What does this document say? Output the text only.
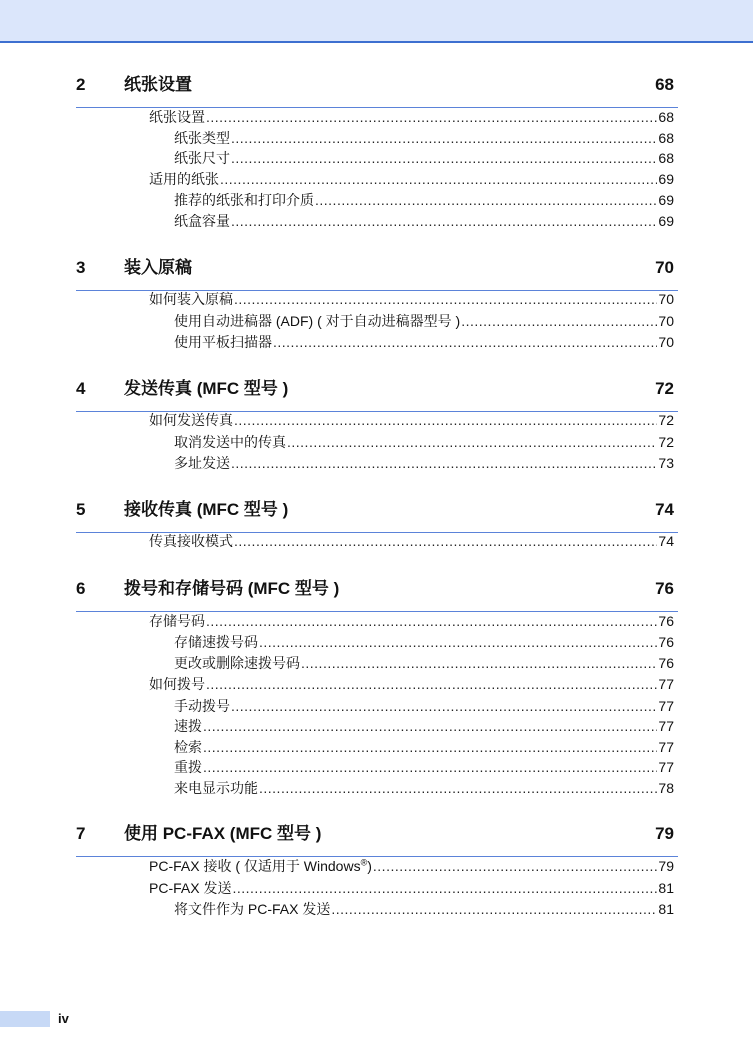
2 纸张设置	68
纸张设置 .....	68
纸张类型 .....	68
纸张尺寸 .....	68
适用的纸张 .....	69
推荐的纸张和打印介质 .....	69
纸盒容量 .....	69
3 装入原稿	70
如何装入原稿 .....	70
使用自动进稿器 (ADF) ( 对于自动进稿器型号 ) .....	70
使用平板扫描器 .....	70
4 发送传真 (MFC 型号 )	72
如何发送传真 .....	72
取消发送中的传真 .....	72
多址发送 .....	73
5 接收传真 (MFC 型号 )	74
传真接收模式 .....	74
6 拨号和存储号码 (MFC 型号 )	76
存储号码 .....	76
存储速拨号码 .....	76
更改或删除速拨号码 .....	76
如何拨号 .....	77
手动拨号 .....	77
速拨 .....	77
检索 .....	77
重拨 .....	77
来电显示功能 .....	78
7 使用 PC-FAX (MFC 型号 )	79
PC-FAX 接收 ( 仅适用于 Windows®) .....	79
PC-FAX 发送 .....	81
将文件作为 PC-FAX 发送 .....	81
iv
